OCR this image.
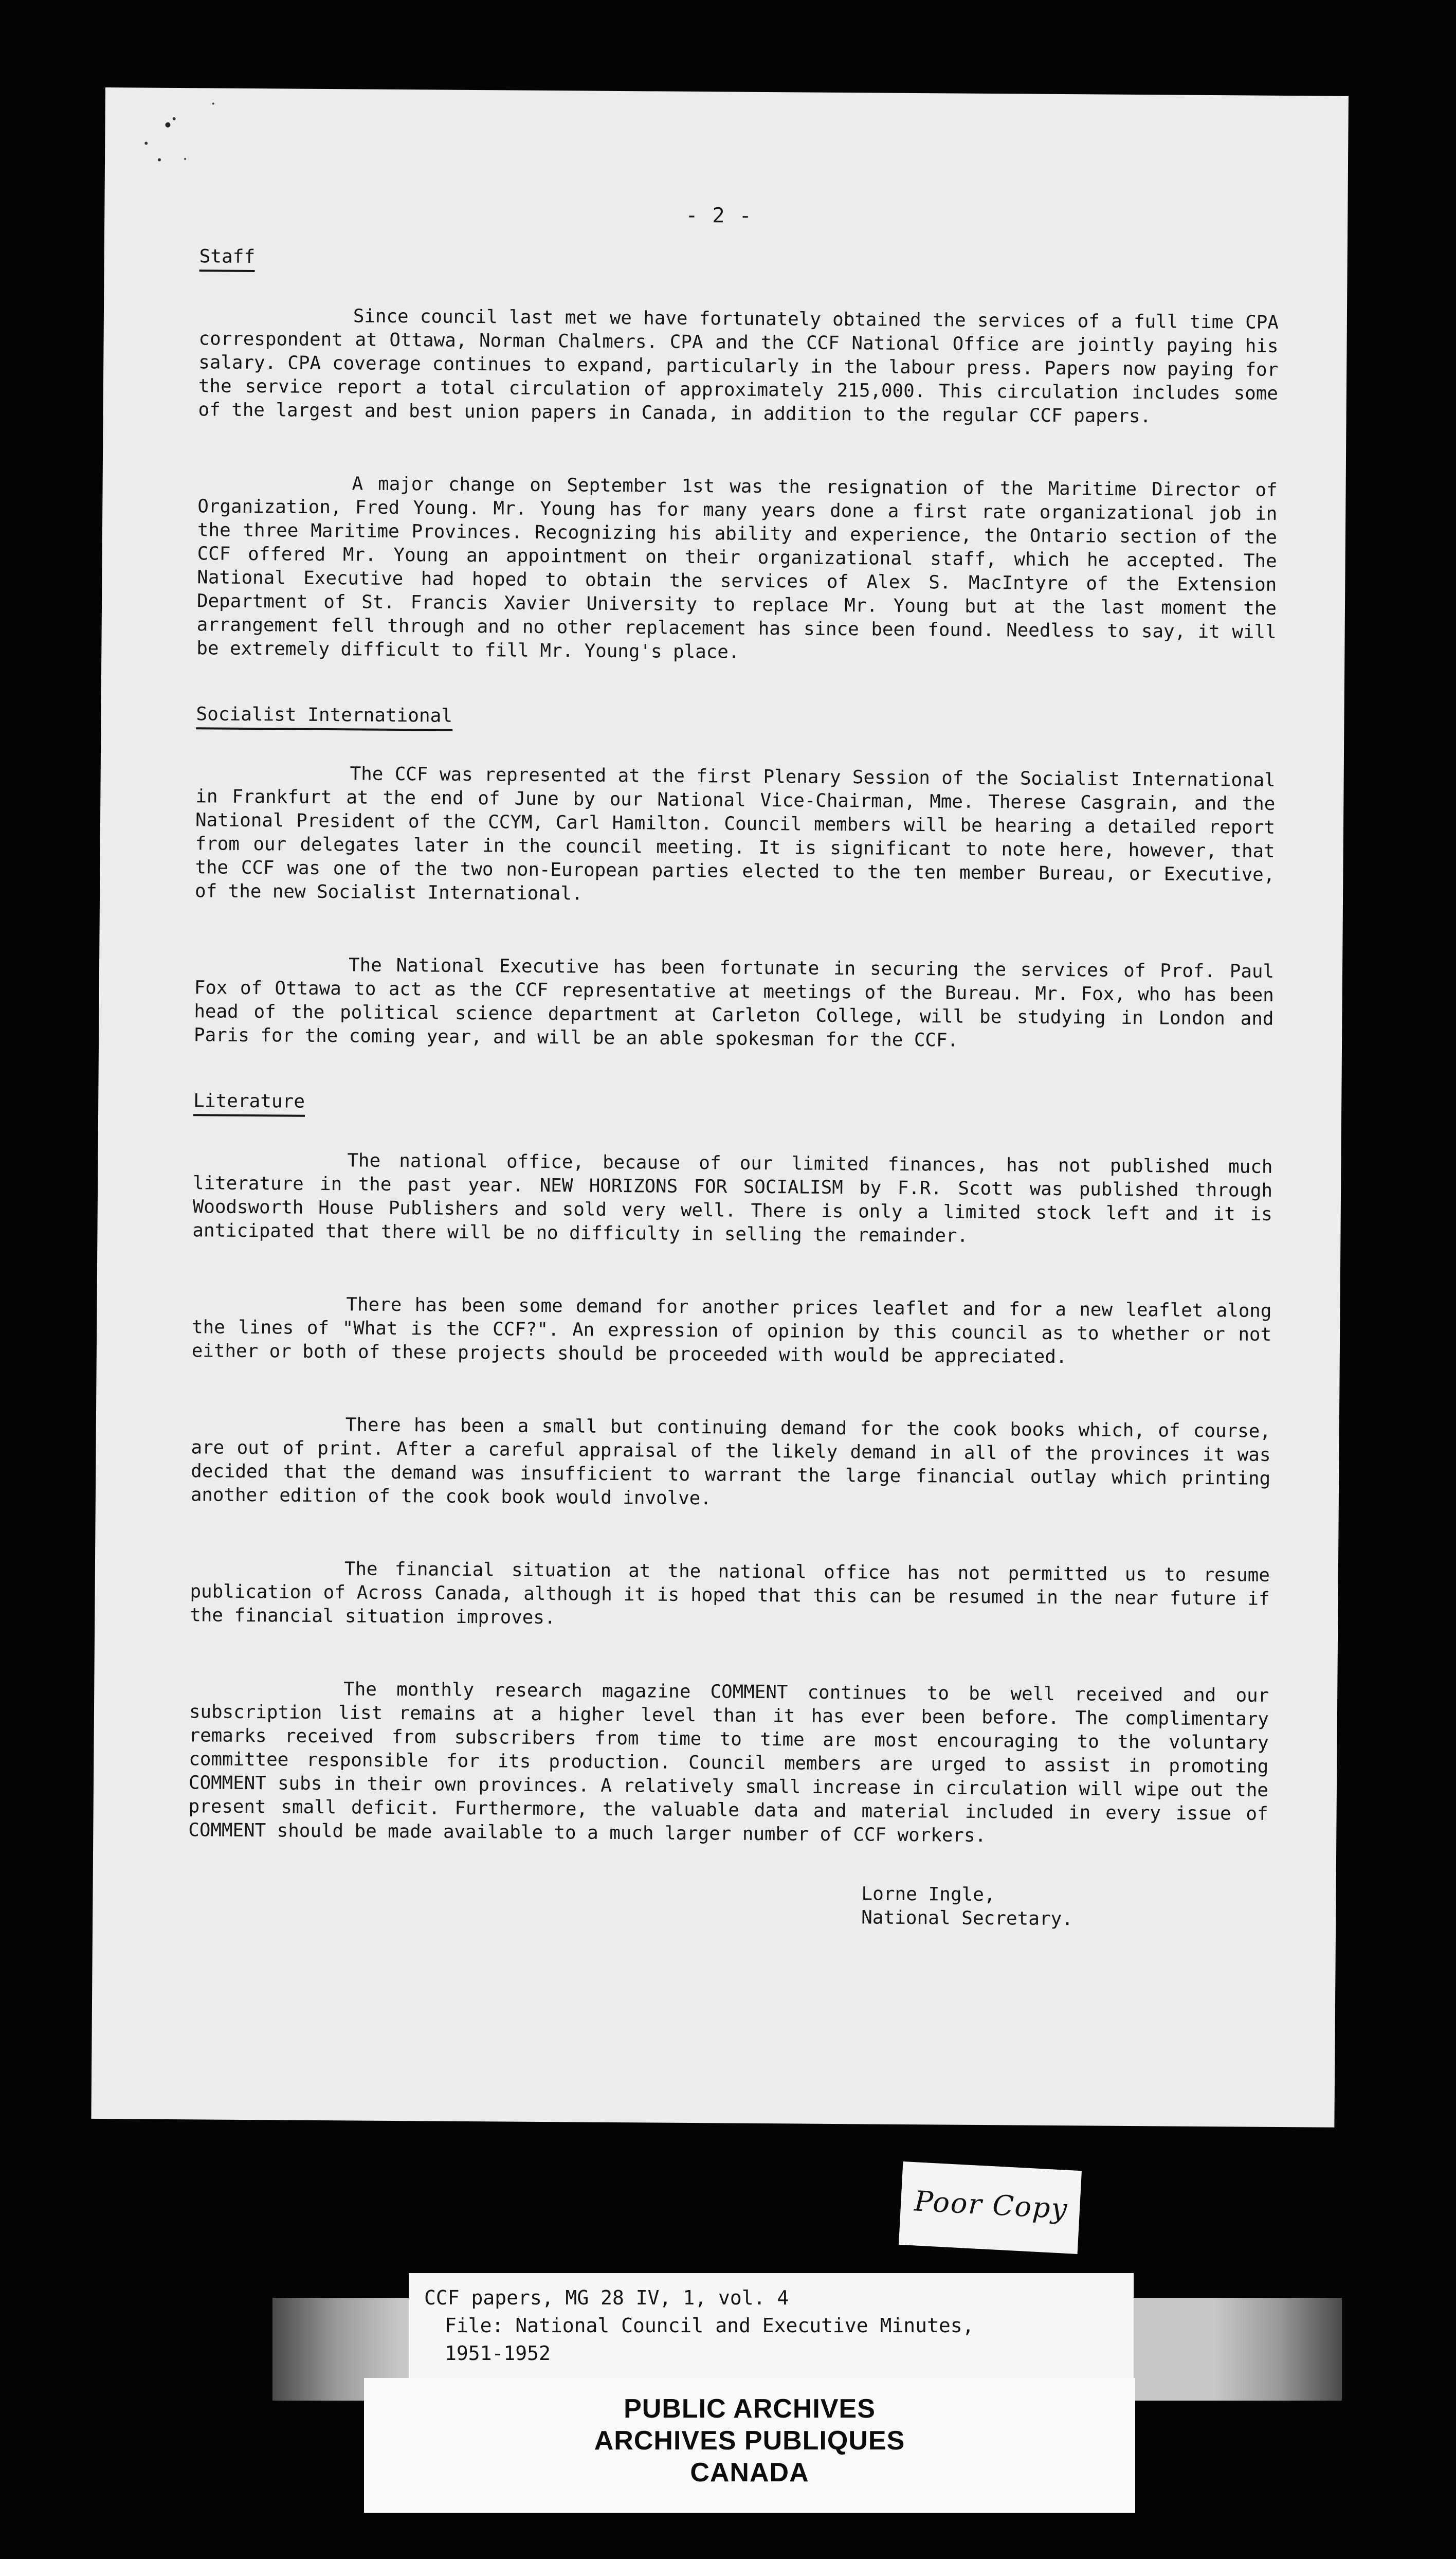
- 2 -
Staff

Since council last met we have fortunately obtained the services of a full time CPA correspondent at Ottawa, Norman Chalmers. CPA and the CCF National Office are jointly paying his salary. CPA coverage continues to expand, particularly in the labour press. Papers now paying for the service report a total circulation of approximately 215,000. This circulation includes some of the largest and best union papers in Canada, in addition to the regular CCF papers.

A major change on September 1st was the resignation of the Maritime Director of Organization, Fred Young. Mr. Young has for many years done a first rate organizational job in the three Maritime Provinces. Recognizing his ability and experience, the Ontario section of the CCF offered Mr. Young an appointment on their organizational staff, which he accepted. The National Executive had hoped to obtain the services of Alex S. MacIntyre of the Extension Department of St. Francis Xavier University to replace Mr. Young but at the last moment the arrangement fell through and no other replacement has since been found. Needless to say, it will be extremely difficult to fill Mr. Young's place.

Socialist International

The CCF was represented at the first Plenary Session of the Socialist International in Frankfurt at the end of June by our National Vice-Chairman, Mme. Therese Casgrain, and the National President of the CCYM, Carl Hamilton. Council members will be hearing a detailed report from our delegates later in the council meeting. It is significant to note here, however, that the CCF was one of the two non-European parties elected to the ten member Bureau, or Executive, of the new Socialist International.

The National Executive has been fortunate in securing the services of Prof. Paul Fox of Ottawa to act as the CCF representative at meetings of the Bureau. Mr. Fox, who has been head of the political science department at Carleton College, will be studying in London and Paris for the coming year, and will be an able spokesman for the CCF.

Literature

The national office, because of our limited finances, has not published much literature in the past year. NEW HORIZONS FOR SOCIALISM by F.R. Scott was published through Woodsworth House Publishers and sold very well. There is only a limited stock left and it is anticipated that there will be no difficulty in selling the remainder.

There has been some demand for another prices leaflet and for a new leaflet along the lines of "What is the CCF?". An expression of opinion by this council as to whether or not either or both of these projects should be proceeded with would be appreciated.

There has been a small but continuing demand for the cook books which, of course, are out of print. After a careful appraisal of the likely demand in all of the provinces it was decided that the demand was insufficient to warrant the large financial outlay which printing another edition of the cook book would involve.

The financial situation at the national office has not permitted us to resume publication of Across Canada, although it is hoped that this can be resumed in the near future if the financial situation improves.

The monthly research magazine COMMENT continues to be well received and our subscription list remains at a higher level than it has ever been before. The complimentary remarks received from subscribers from time to time are most encouraging to the voluntary committee responsible for its production. Council members are urged to assist in promoting COMMENT subs in their own provinces. A relatively small increase in circulation will wipe out the present small deficit. Furthermore, the valuable data and material included in every issue of COMMENT should be made available to a much larger number of CCF workers.

Lorne Ingle,
National Secretary.
Poor Copy
CCF papers, MG 28 IV, 1, vol. 4
File: National Council and Executive Minutes,
1951-1952
PUBLIC ARCHIVES
ARCHIVES PUBLIQUES
CANADA
